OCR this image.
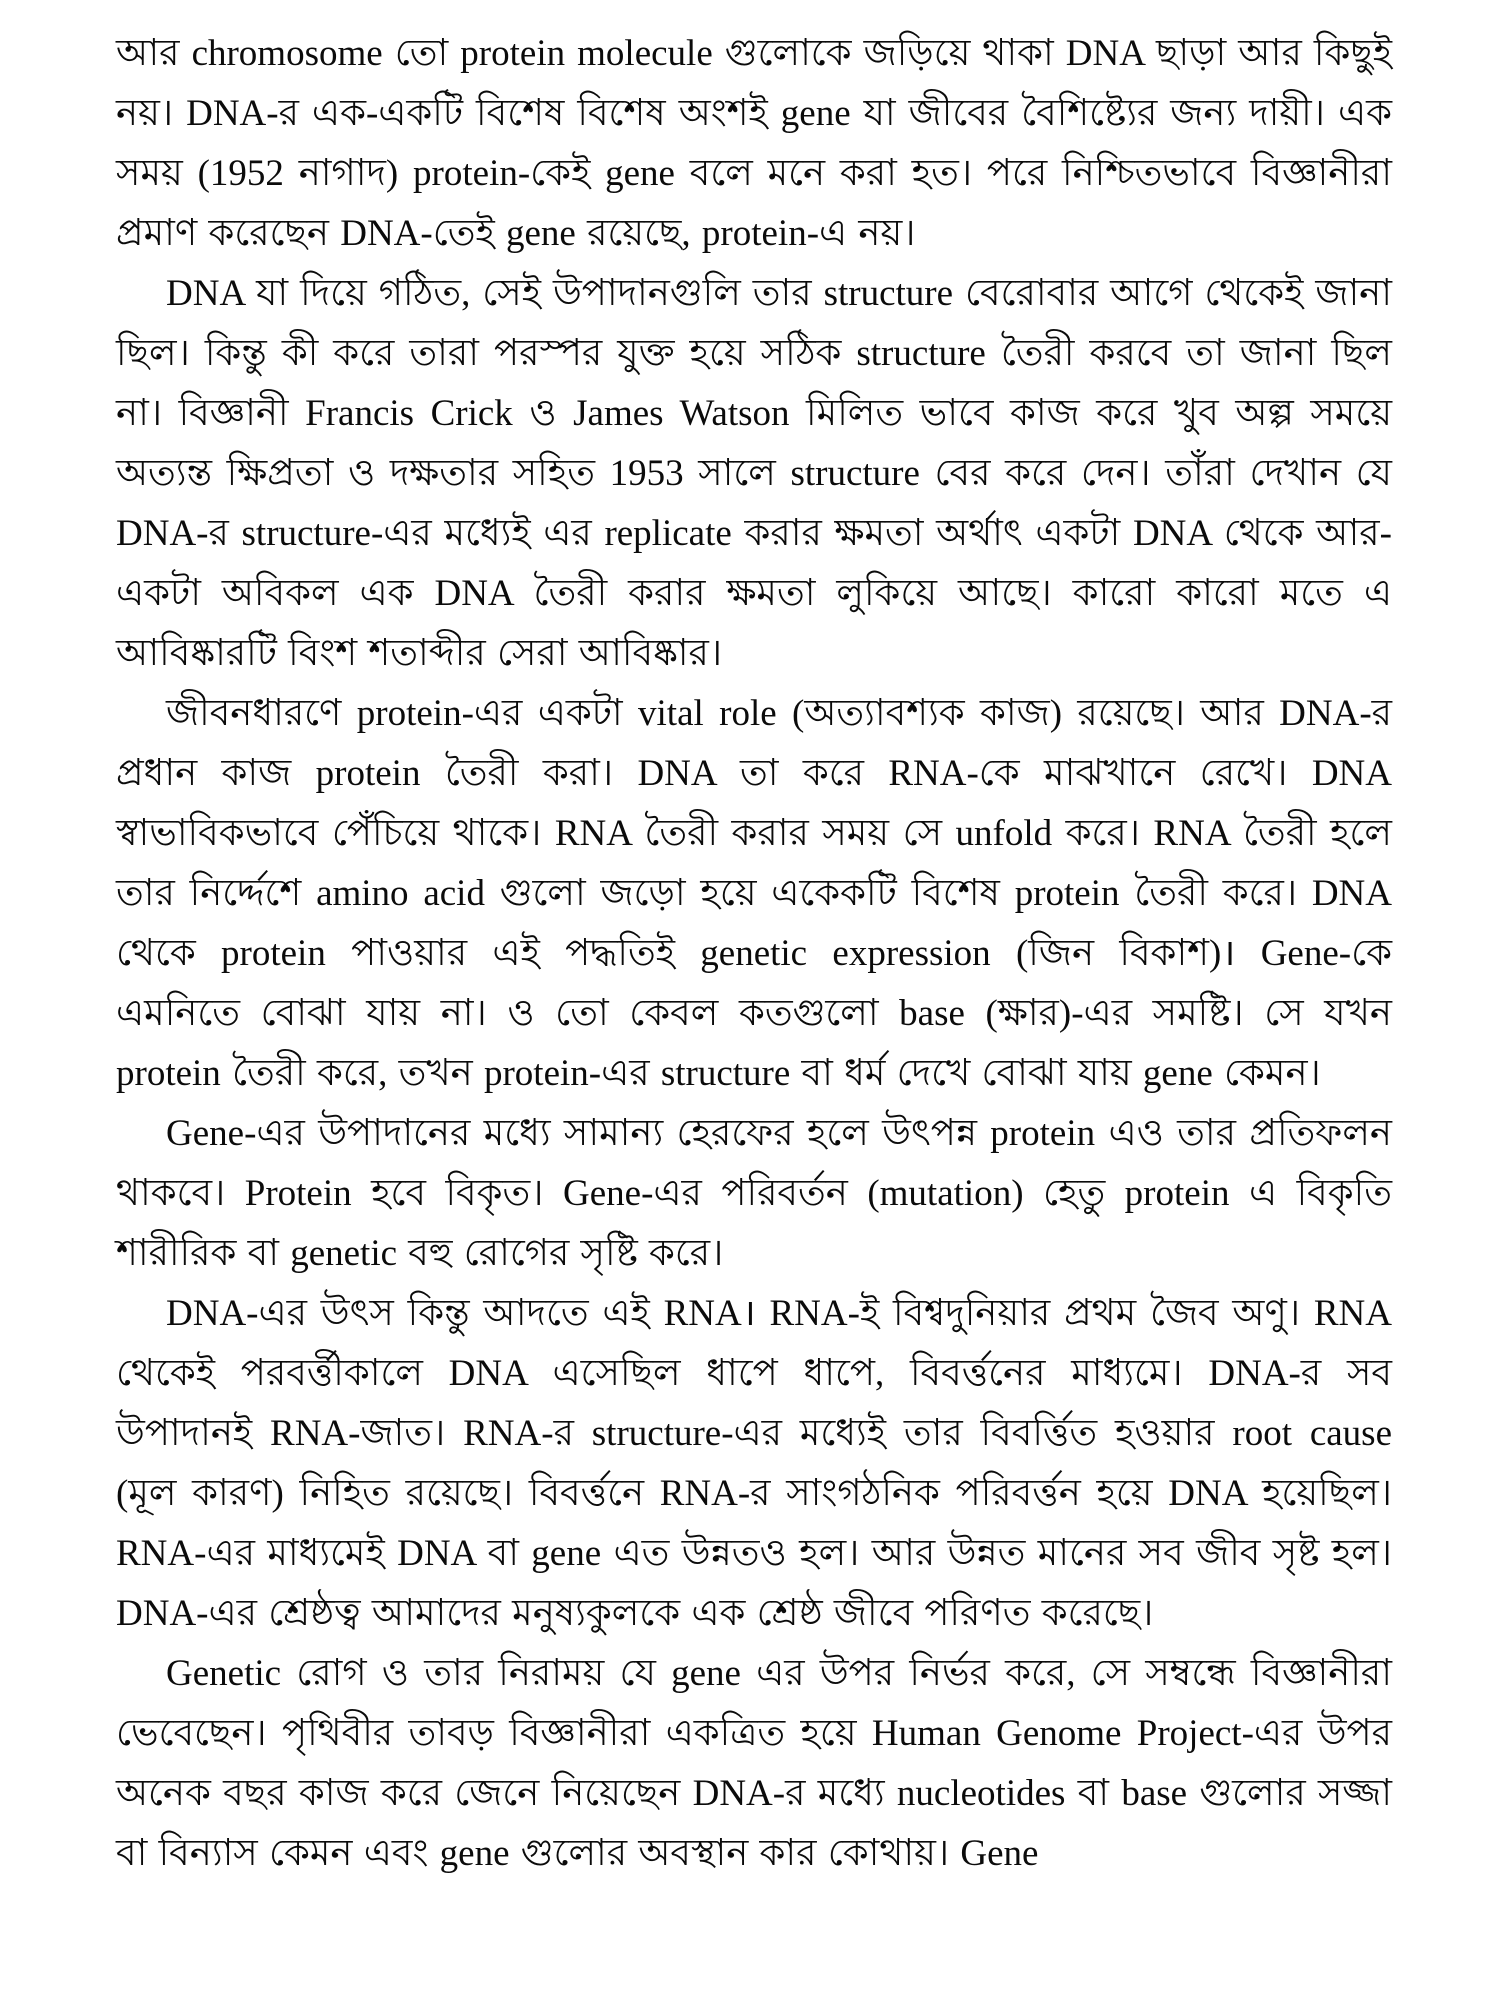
আর chromosome তো protein molecule গুলোকে জড়িয়ে থাকা DNA ছাড়া আর কিছুই নয়। DNA-র এক-একটি বিশেষ বিশেষ অংশই gene যা জীবের বৈশিষ্ট্যের জন্য দায়ী। এক সময় (1952 নাগাদ) protein-কেই gene বলে মনে করা হত। পরে নিশ্চিতভাবে বিজ্ঞানীরা প্রমাণ করেছেন DNA-তেই gene রয়েছে, protein-এ নয়।

DNA যা দিয়ে গঠিত, সেই উপাদানগুলি তার structure বেরোবার আগে থেকেই জানা ছিল। কিন্তু কী করে তারা পরস্পর যুক্ত হয়ে সঠিক structure তৈরী করবে তা জানা ছিল না। বিজ্ঞানী Francis Crick ও James Watson মিলিত ভাবে কাজ করে খুব অল্প সময়ে অত্যন্ত ক্ষিপ্রতা ও দক্ষতার সহিত 1953 সালে structure বের করে দেন। তাঁরা দেখান যে DNA-র structure-এর মধ্যেই এর replicate করার ক্ষমতা অর্থাৎ একটা DNA থেকে আর-একটা অবিকল এক DNA তৈরী করার ক্ষমতা লুকিয়ে আছে। কারো কারো মতে এ আবিষ্কারটি বিংশ শতাব্দীর সেরা আবিষ্কার।

জীবনধারণে protein-এর একটা vital role (অত্যাবশ্যক কাজ) রয়েছে। আর DNA-র প্রধান কাজ protein তৈরী করা। DNA তা করে RNA-কে মাঝখানে রেখে। DNA স্বাভাবিকভাবে পেঁচিয়ে থাকে। RNA তৈরী করার সময় সে unfold করে। RNA তৈরী হলে তার নির্দ্দেশে amino acid গুলো জড়ো হয়ে একেকটি বিশেষ protein তৈরী করে। DNA থেকে protein পাওয়ার এই পদ্ধতিই genetic expression (জিন বিকাশ)। Gene-কে এমনিতে বোঝা যায় না। ও তো কেবল কতগুলো base (ক্ষার)-এর সমষ্টি। সে যখন protein তৈরী করে, তখন protein-এর structure বা ধর্ম দেখে বোঝা যায় gene কেমন।

Gene-এর উপাদানের মধ্যে সামান্য হেরফের হলে উৎপন্ন protein এও তার প্রতিফলন থাকবে। Protein হবে বিকৃত। Gene-এর পরিবর্তন (mutation) হেতু protein এ বিকৃতি শারীরিক বা genetic বহু রোগের সৃষ্টি করে।

DNA-এর উৎস কিন্তু আদতে এই RNA। RNA-ই বিশ্বদুনিয়ার প্রথম জৈব অণু। RNA থেকেই পরবর্ত্তীকালে DNA এসেছিল ধাপে ধাপে, বিবর্ত্তনের মাধ্যমে। DNA-র সব উপাদানই RNA-জাত। RNA-র structure-এর মধ্যেই তার বিবর্ত্তিত হওয়ার root cause (মূল কারণ) নিহিত রয়েছে। বিবর্ত্তনে RNA-র সাংগঠনিক পরিবর্ত্তন হয়ে DNA হয়েছিল। RNA-এর মাধ্যমেই DNA বা gene এত উন্নতও হল। আর উন্নত মানের সব জীব সৃষ্ট হল। DNA-এর শ্রেষ্ঠত্ব আমাদের মনুষ্যকুলকে এক শ্রেষ্ঠ জীবে পরিণত করেছে।

Genetic রোগ ও তার নিরাময় যে gene এর উপর নির্ভর করে, সে সম্বন্ধে বিজ্ঞানীরা ভেবেছেন। পৃথিবীর তাবড় বিজ্ঞানীরা একত্রিত হয়ে Human Genome Project-এর উপর অনেক বছর কাজ করে জেনে নিয়েছেন DNA-র মধ্যে nucleotides বা base গুলোর সজ্জা বা বিন্যাস কেমন এবং gene গুলোর অবস্থান কার কোথায়। Gene
